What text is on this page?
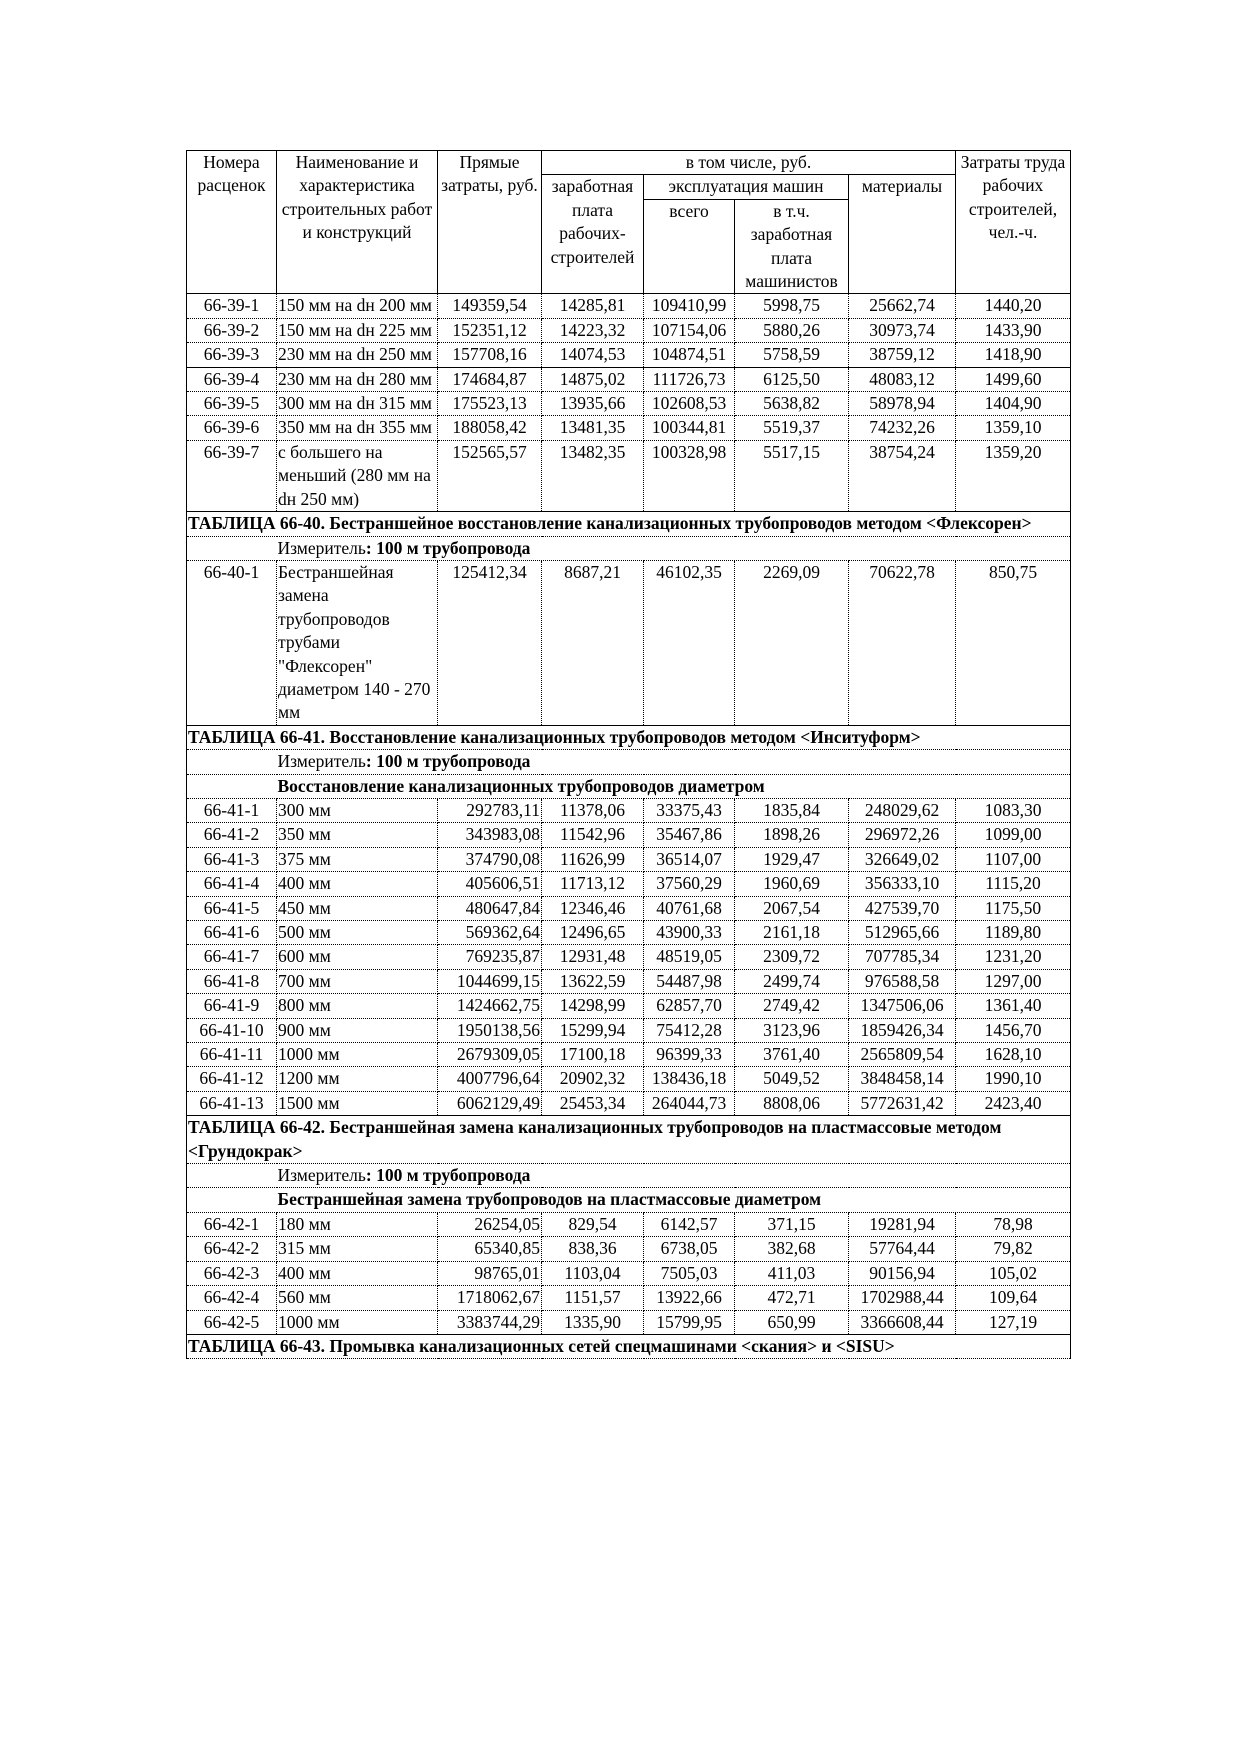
Номера расценок	Наименование и характеристика строительных работ и конструкций	Прямые затраты, руб.	в том числе, руб.				Затраты труда рабочих строителей, чел.-ч.
			заработная плата рабочих-строителей	эксплуатация машин		материалы	
				всего	в т.ч. заработная плата машинистов		
66-39-1	150 мм на dн 200 мм	149359,54	14285,81	109410,99	5998,75	25662,74	1440,20
66-39-2	150 мм на dн 225 мм	152351,12	14223,32	107154,06	5880,26	30973,74	1433,90
66-39-3	230 мм на dн 250 мм	157708,16	14074,53	104874,51	5758,59	38759,12	1418,90
66-39-4	230 мм на dн 280 мм	174684,87	14875,02	111726,73	6125,50	48083,12	1499,60
66-39-5	300 мм на dн 315 мм	175523,13	13935,66	102608,53	5638,82	58978,94	1404,90
66-39-6	350 мм на dн 355 мм	188058,42	13481,35	100344,81	5519,37	74232,26	1359,10
66-39-7	с большего на меньший (280 мм на dн 250 мм)	152565,57	13482,35	100328,98	5517,15	38754,24	1359,20
ТАБЛИЦА 66-40. Бестраншейное восстановление канализационных трубопроводов методом <Флексорен>							
	Измеритель: 100 м трубопровода						
66-40-1	Бестраншейная замена трубопроводов трубами "Флексорен" диаметром 140 - 270 мм	125412,34	8687,21	46102,35	2269,09	70622,78	850,75
ТАБЛИЦА 66-41. Восстановление канализационных трубопроводов методом <Инситуформ>							
	Измеритель: 100 м трубопровода						
	Восстановление канализационных трубопроводов диаметром						
66-41-1	300 мм	292783,11	11378,06	33375,43	1835,84	248029,62	1083,30
66-41-2	350 мм	343983,08	11542,96	35467,86	1898,26	296972,26	1099,00
66-41-3	375 мм	374790,08	11626,99	36514,07	1929,47	326649,02	1107,00
66-41-4	400 мм	405606,51	11713,12	37560,29	1960,69	356333,10	1115,20
66-41-5	450 мм	480647,84	12346,46	40761,68	2067,54	427539,70	1175,50
66-41-6	500 мм	569362,64	12496,65	43900,33	2161,18	512965,66	1189,80
66-41-7	600 мм	769235,87	12931,48	48519,05	2309,72	707785,34	1231,20
66-41-8	700 мм	1044699,15	13622,59	54487,98	2499,74	976588,58	1297,00
66-41-9	800 мм	1424662,75	14298,99	62857,70	2749,42	1347506,06	1361,40
66-41-10	900 мм	1950138,56	15299,94	75412,28	3123,96	1859426,34	1456,70
66-41-11	1000 мм	2679309,05	17100,18	96399,33	3761,40	2565809,54	1628,10
66-41-12	1200 мм	4007796,64	20902,32	138436,18	5049,52	3848458,14	1990,10
66-41-13	1500 мм	6062129,49	25453,34	264044,73	8808,06	5772631,42	2423,40
ТАБЛИЦА 66-42. Бестраншейная замена канализационных трубопроводов на пластмассовые методом <Грундокрак>							
	Измеритель: 100 м трубопровода						
	Бестраншейная замена трубопроводов на пластмассовые диаметром						
66-42-1	180 мм	26254,05	829,54	6142,57	371,15	19281,94	78,98
66-42-2	315 мм	65340,85	838,36	6738,05	382,68	57764,44	79,82
66-42-3	400 мм	98765,01	1103,04	7505,03	411,03	90156,94	105,02
66-42-4	560 мм	1718062,67	1151,57	13922,66	472,71	1702988,44	109,64
66-42-5	1000 мм	3383744,29	1335,90	15799,95	650,99	3366608,44	127,19
ТАБЛИЦА 66-43. Промывка канализационных сетей спецмашинами <скания> и <SISU>							
